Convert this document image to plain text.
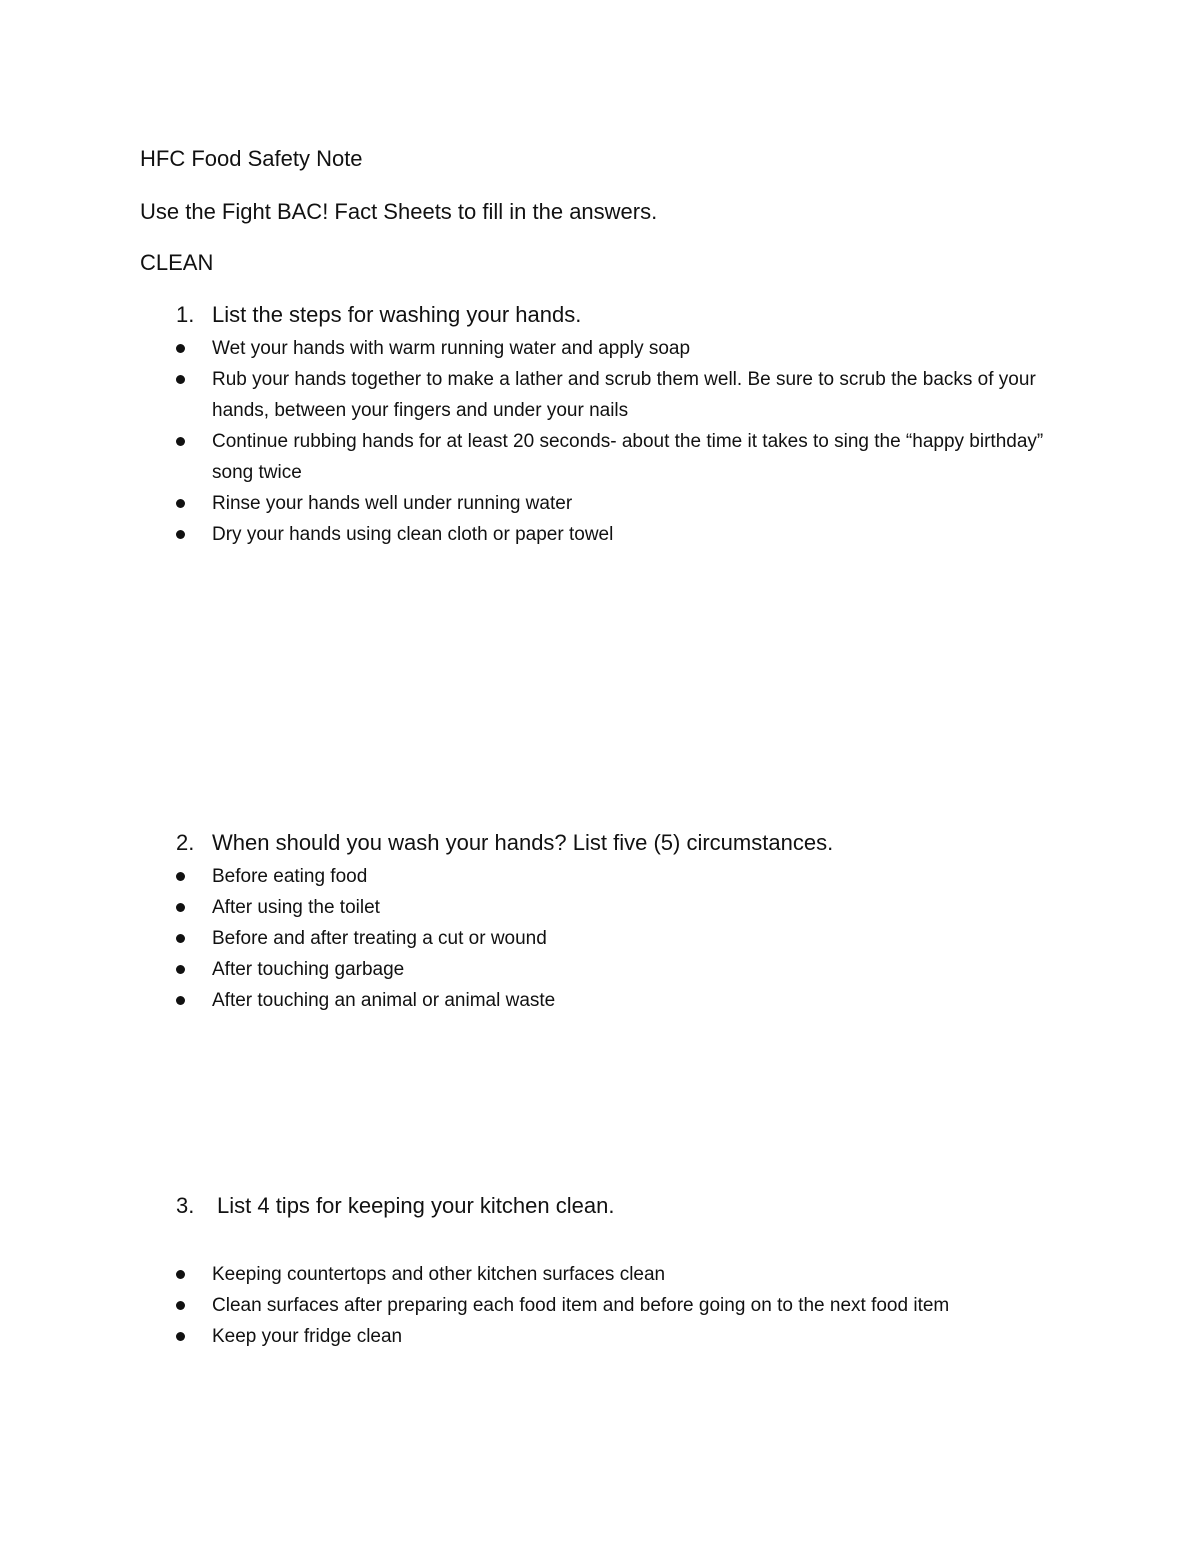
HFC Food Safety Note
Use the Fight BAC! Fact Sheets to fill in the answers.
CLEAN
1. List the steps for washing your hands.
Wet your hands with warm running water and apply soap
Rub your hands together to make a lather and scrub them well. Be sure to scrub the backs of your hands, between your fingers and under your nails
Continue rubbing hands for at least 20 seconds- about the time it takes to sing the “happy birthday” song twice
Rinse your hands well under running water
Dry your hands using clean cloth or paper towel
2. When should you wash your hands? List five (5) circumstances.
Before eating food
After using the toilet
Before and after treating a cut or wound
After touching garbage
After touching an animal or animal waste
3. List 4 tips for keeping your kitchen clean.
Keeping countertops and other kitchen surfaces clean
Clean surfaces after preparing each food item and before going on to the next food item
Keep your fridge clean
